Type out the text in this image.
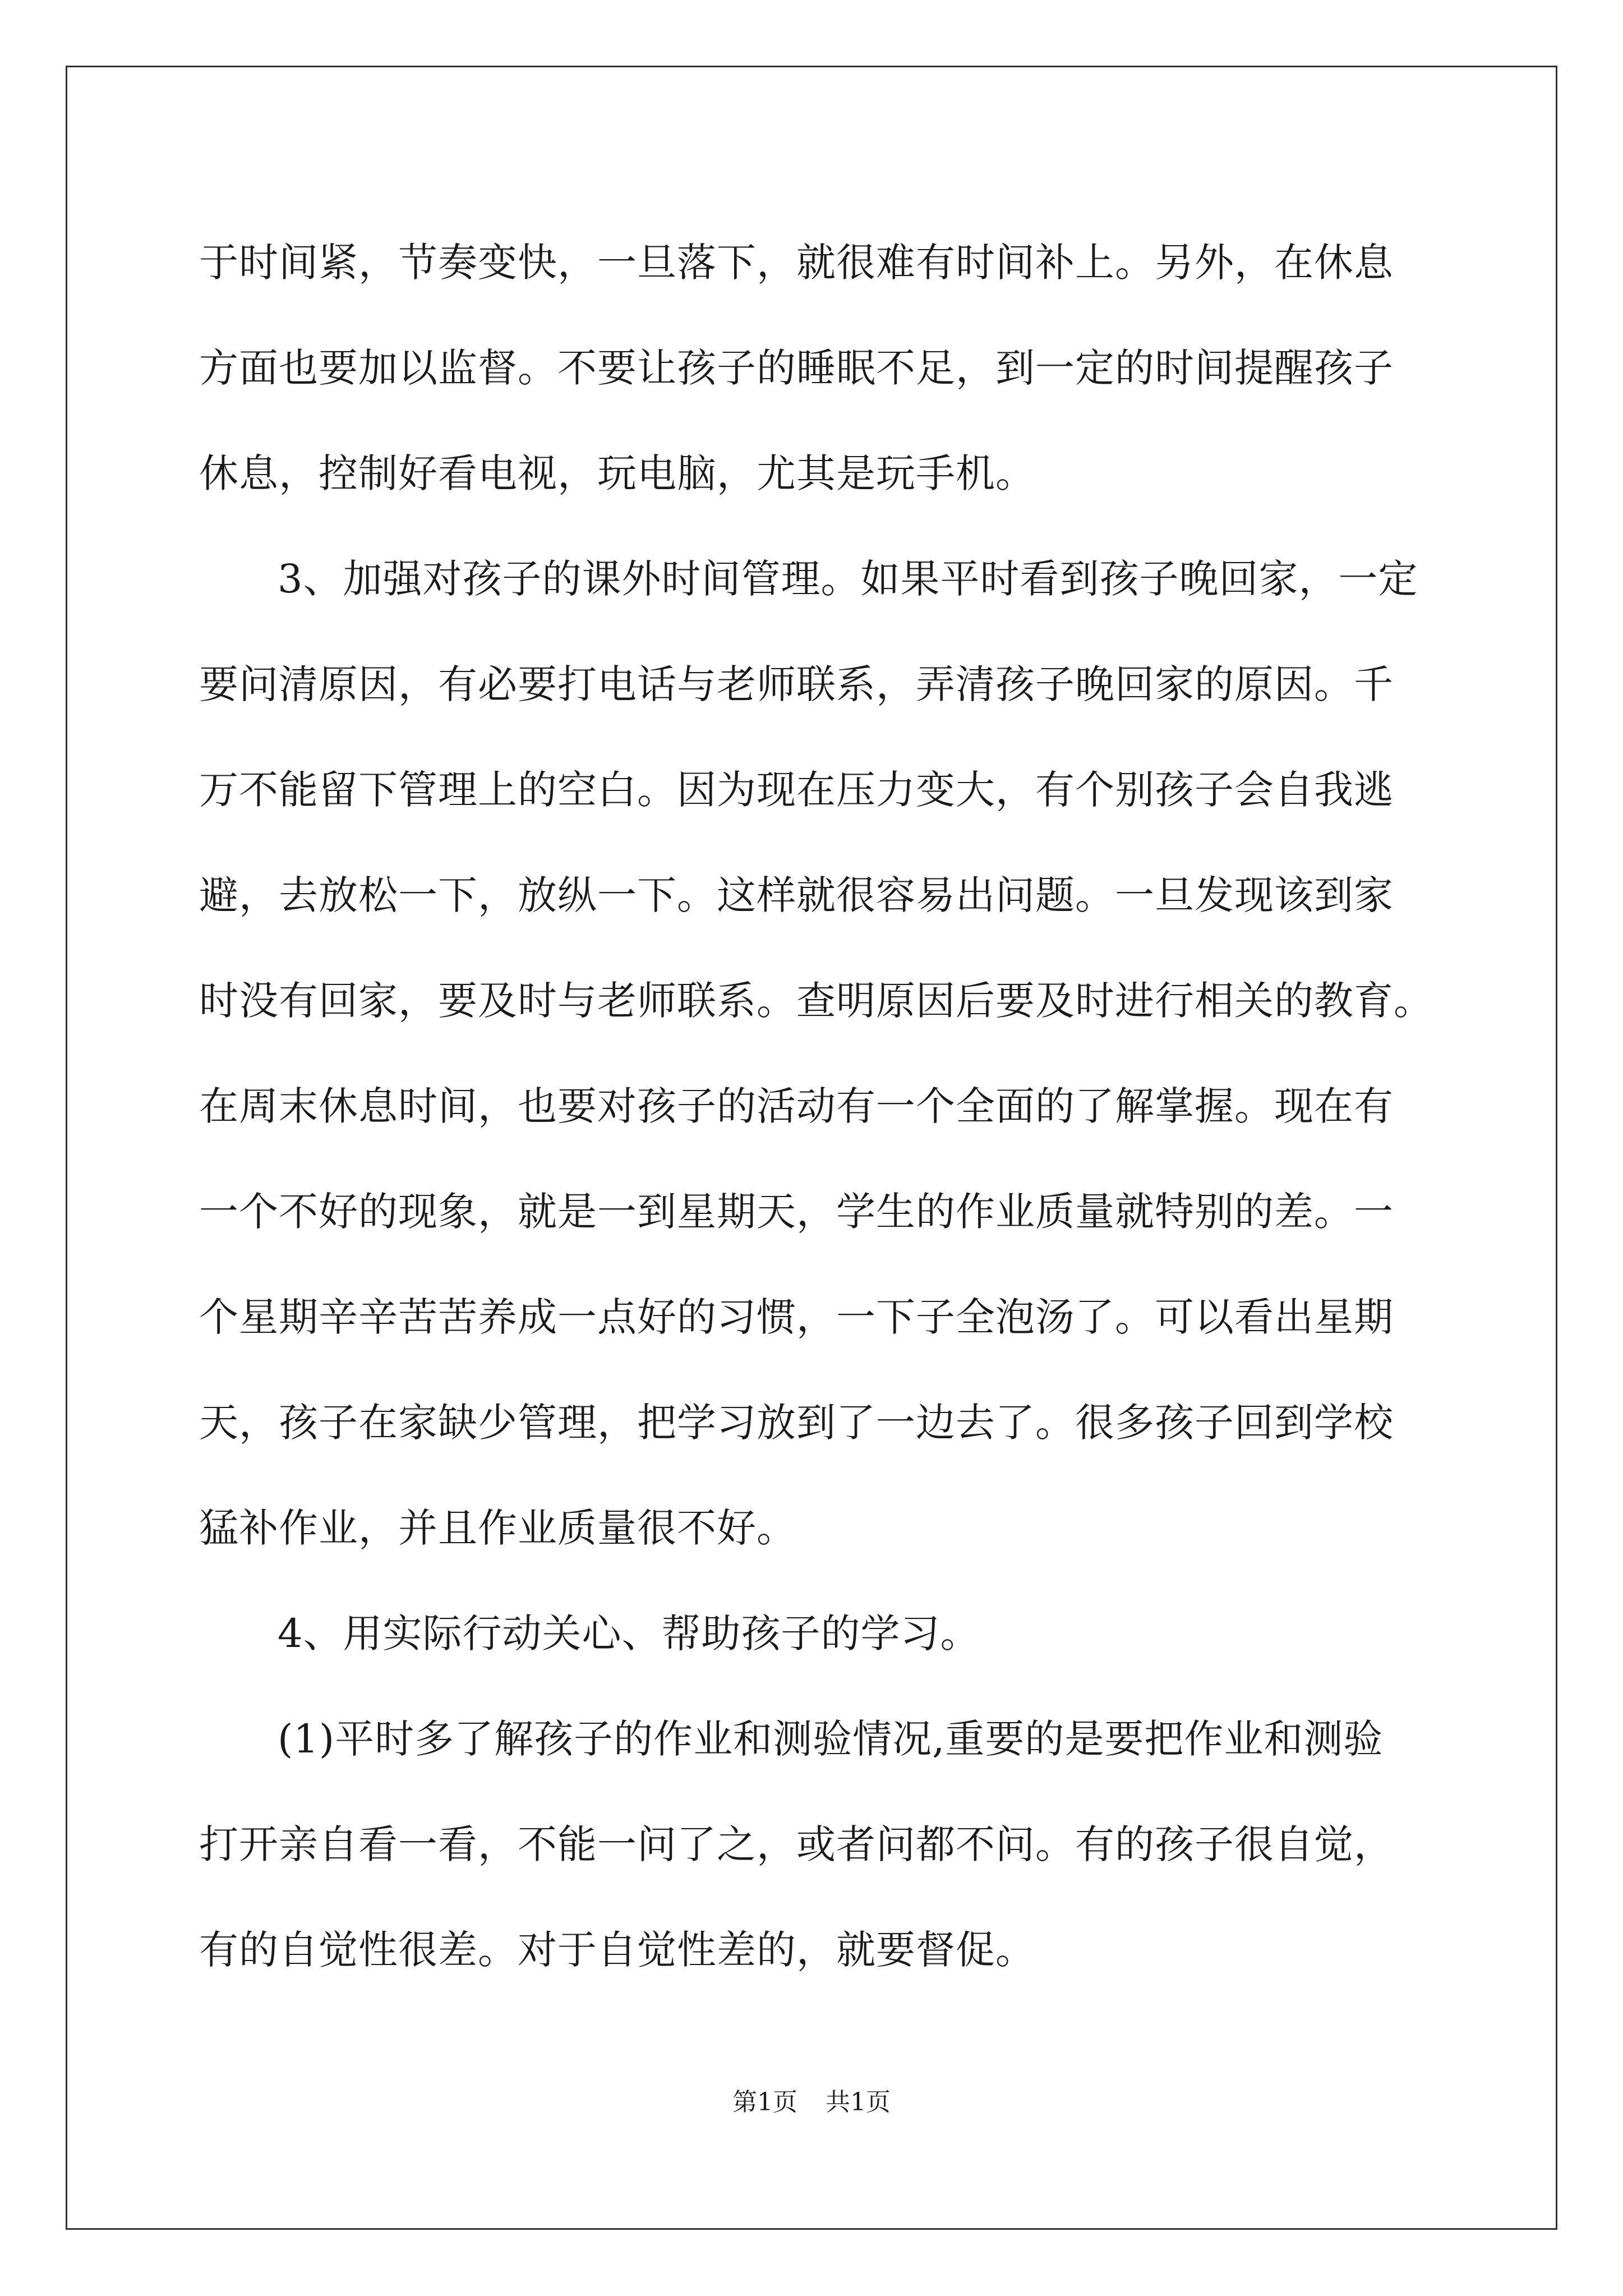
于时间紧，节奏变快，一旦落下，就很难有时间补上。另外，在休息
方面也要加以监督。不要让孩子的睡眠不足，到一定的时间提醒孩子
休息，控制好看电视，玩电脑，尤其是玩手机。
3、加强对孩子的课外时间管理。如果平时看到孩子晚回家，一定
要问清原因，有必要打电话与老师联系，弄清孩子晚回家的原因。千
万不能留下管理上的空白。因为现在压力变大，有个别孩子会自我逃
避，去放松一下，放纵一下。这样就很容易出问题。一旦发现该到家
时没有回家，要及时与老师联系。查明原因后要及时进行相关的教育。
在周末休息时间，也要对孩子的活动有一个全面的了解掌握。现在有
一个不好的现象，就是一到星期天，学生的作业质量就特别的差。一
个星期辛辛苦苦养成一点好的习惯，一下子全泡汤了。可以看出星期
天，孩子在家缺少管理，把学习放到了一边去了。很多孩子回到学校
猛补作业，并且作业质量很不好。
4、用实际行动关心、帮助孩子的学习。
(1)平时多了解孩子的作业和测验情况,重要的是要把作业和测验
打开亲自看一看，不能一问了之，或者问都不问。有的孩子很自觉，
有的自觉性很差。对于自觉性差的，就要督促。
第1页 共1页
